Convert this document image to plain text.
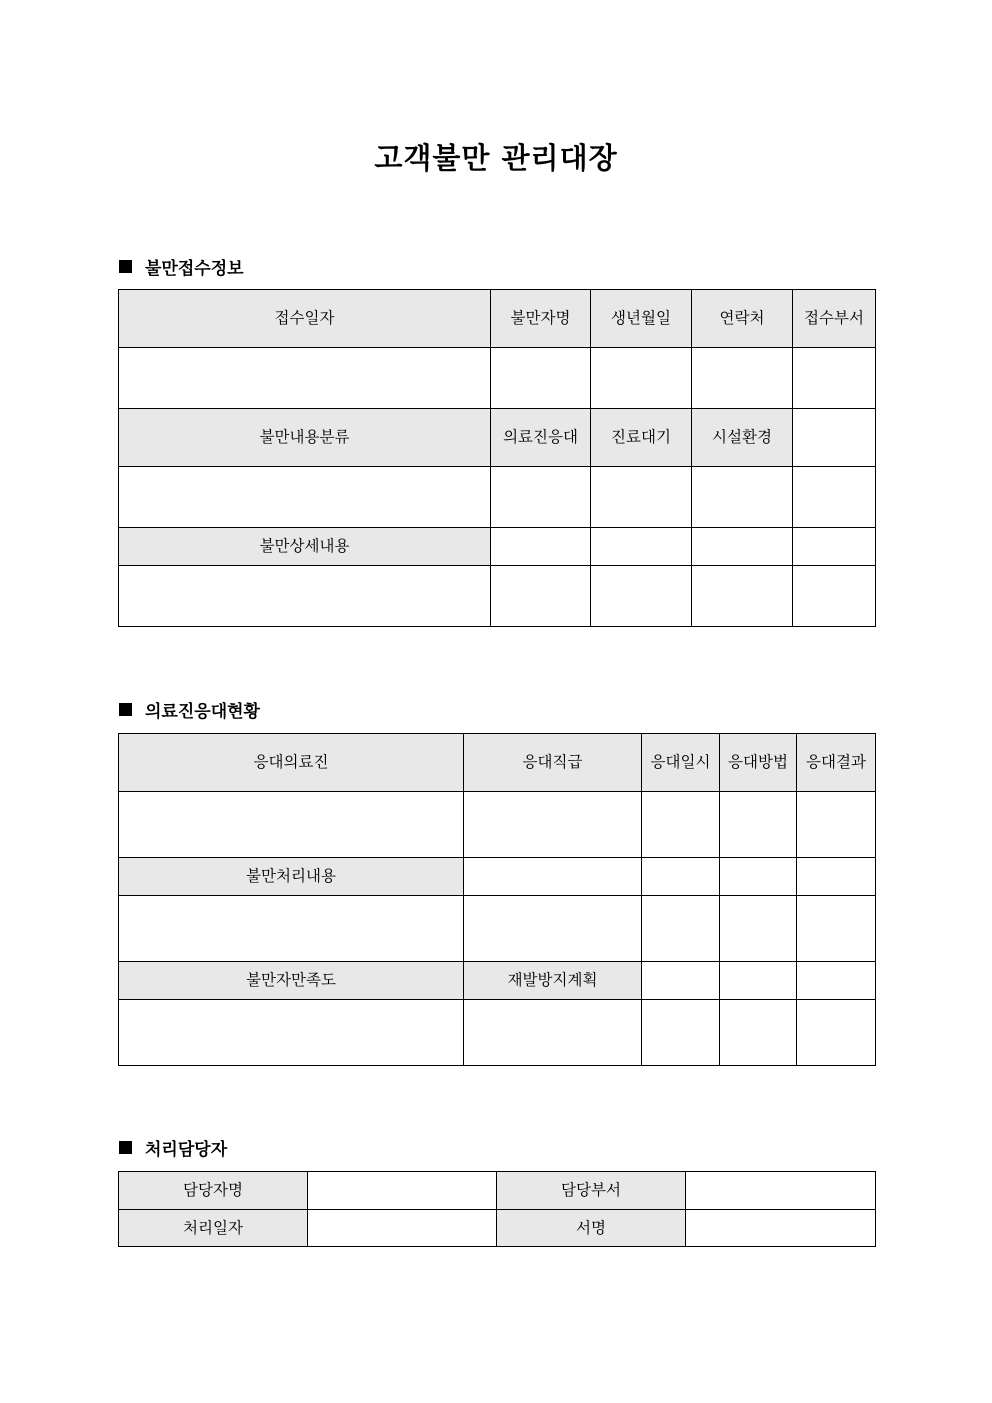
고객불만 관리대장
불만접수정보
접수일자	불만자명	생년월일	연락처	접수부서

불만내용분류	의료진응대	진료대기	시설환경	

불만상세내용				

의료진응대현황
응대의료진	응대직급	응대일시	응대방법	응대결과

불만처리내용				

불만자만족도	재발방지계획			

처리담당자
담당자명		담당부서	
처리일자		서명	
